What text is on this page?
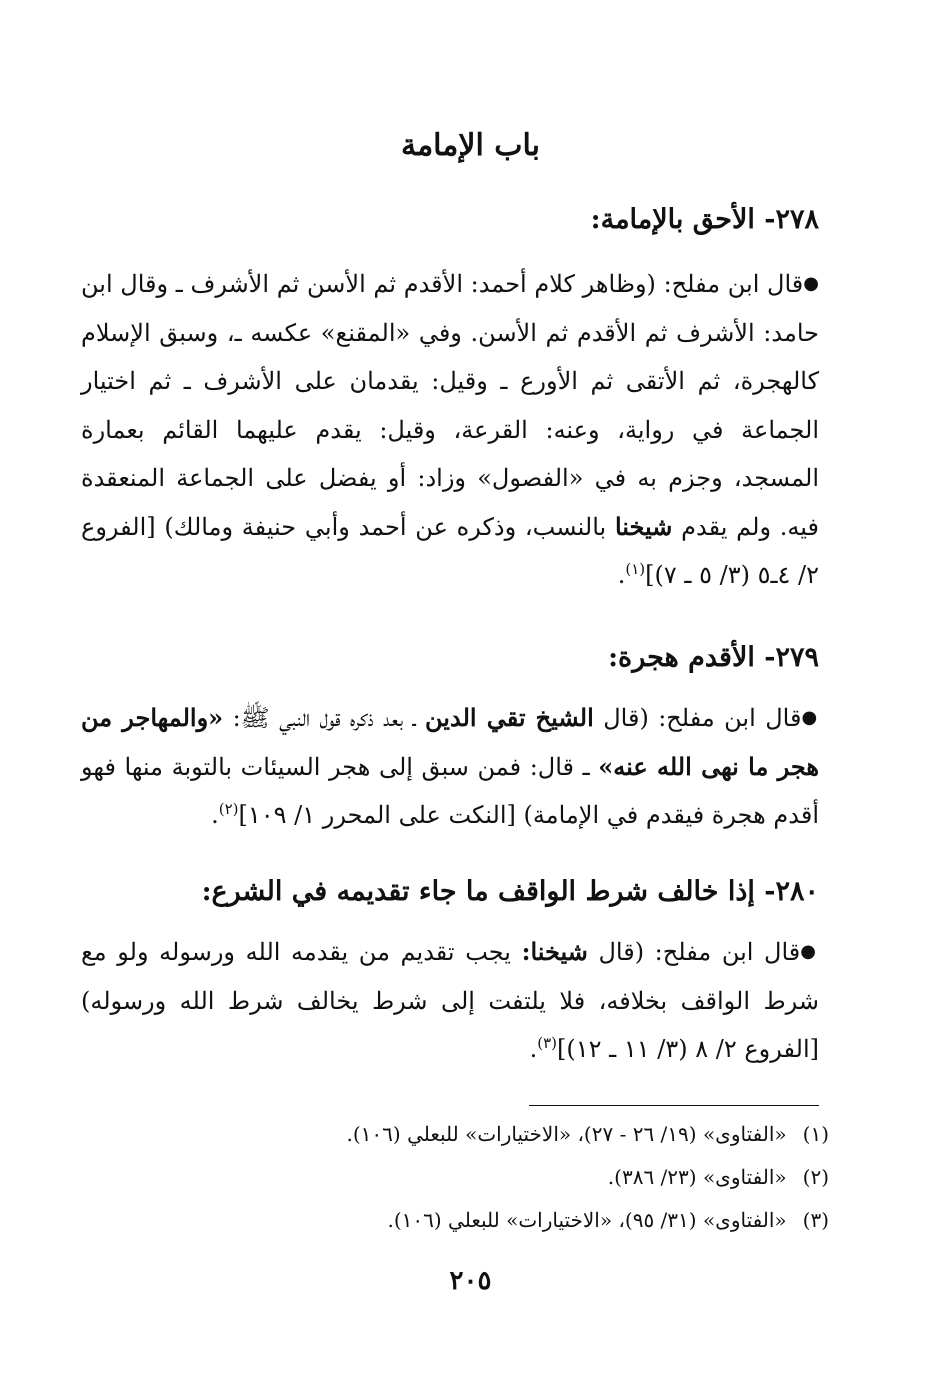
باب الإمامة
٢٧٨- الأحق بالإمامة:

●قال ابن مفلح: (وظاهر كلام أحمد: الأقدم ثم الأسن ثم الأشرف ـ وقال ابن حامد: الأشرف ثم الأقدم ثم الأسن. وفي «المقنع» عكسه ـ، وسبق الإسلام كالهجرة، ثم الأتقى ثم الأورع ـ وقيل: يقدمان على الأشرف ـ ثم اختيار الجماعة في رواية، وعنه: القرعة، وقيل: يقدم عليهما القائم بعمارة المسجد، وجزم به في «الفصول» وزاد: أو يفضل على الجماعة المنعقدة فيه. ولم يقدم شيخنا بالنسب، وذكره عن أحمد وأبي حنيفة ومالك) [الفروع ٢/ ٤ـ٥ (٣/ ٥ ـ ٧)]$^{(١)}$.

٢٧٩- الأقدم هجرة:

●قال ابن مفلح: (قال الشيخ تقي الدين ـ بعد ذكره قول النبي ﷺ: «والمهاجر من هجر ما نهى الله عنه» ـ قال: فمن سبق إلى هجر السيئات بالتوبة منها فهو أقدم هجرة فيقدم في الإمامة) [النكت على المحرر ١/ ١٠٩]$^{(٢)}$.

٢٨٠- إذا خالف شرط الواقف ما جاء تقديمه في الشرع:

●قال ابن مفلح: (قال شيخنا: يجب تقديم من يقدمه الله ورسوله ولو مع شرط الواقف بخلافه، فلا يلتفت إلى شرط يخالف شرط الله ورسوله) [الفروع ٢/ ٨ (٣/ ١١ ـ ١٢)]$^{(٣)}$.

(١)«الفتاوى» (١٩/ ٢٦ - ٢٧)، «الاختيارات» للبعلي (١٠٦).
(٢)«الفتاوى» (٢٣/ ٣٨٦).
(٣)«الفتاوى» (٣١/ ٩٥)، «الاختيارات» للبعلي (١٠٦).
٢٠٥
